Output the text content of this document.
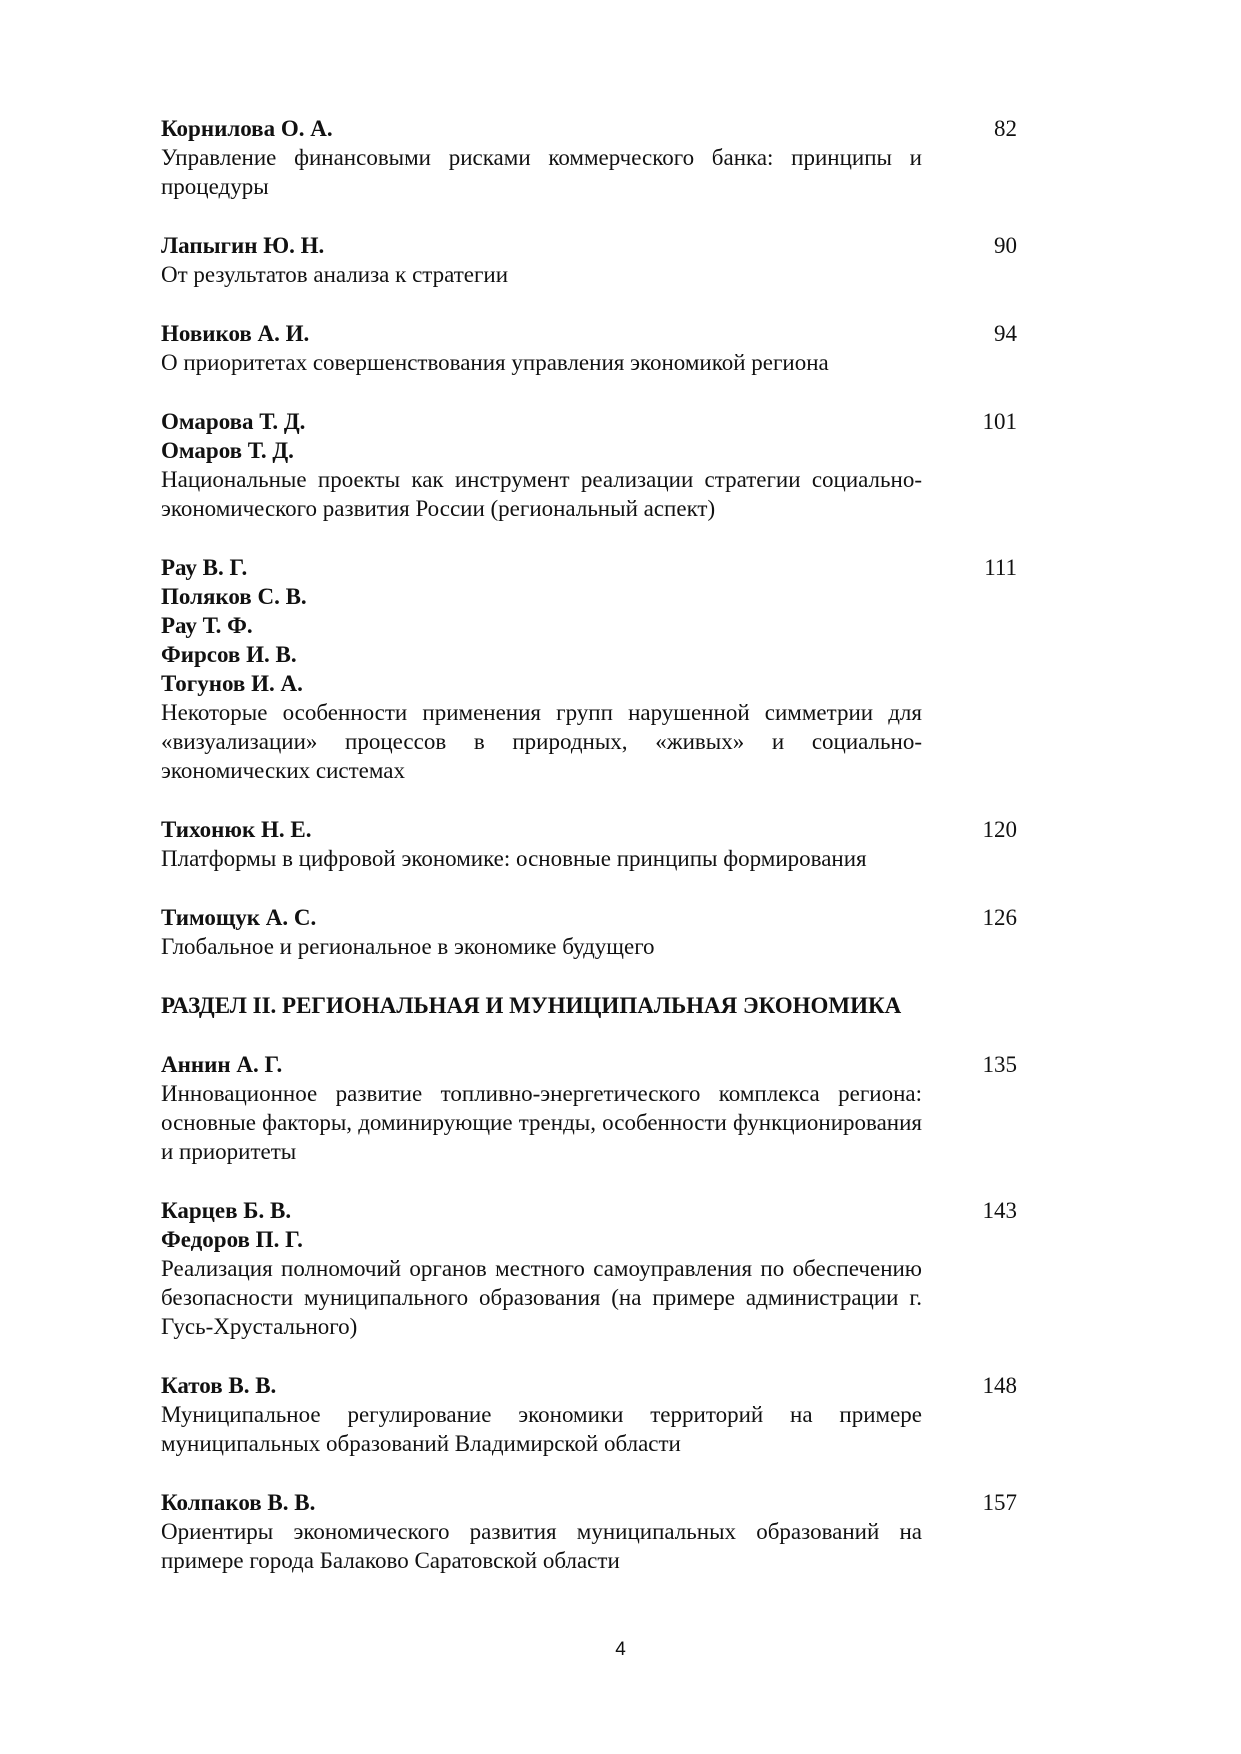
82
Корнилова О. А.
Управление финансовыми рисками коммерческого банка: принципы и процедуры
90
Лапыгин Ю. Н.
От результатов анализа к стратегии
94
Новиков А. И.
О приоритетах совершенствования управления экономикой региона
101
Омарова Т. Д.
Омаров Т. Д.
Национальные проекты как инструмент реализации стратегии социально-экономического развития России (региональный аспект)
111
Рау В. Г.
Поляков С. В.
Рау Т. Ф.
Фирсов И. В.
Тогунов И. А.
Некоторые особенности применения групп нарушенной симметрии для «визуализации» процессов в природных, «живых» и социально-экономических системах
120
Тихонюк Н. Е.
Платформы в цифровой экономике: основные принципы формирования
126
Тимощук А. С.
Глобальное и региональное в экономике будущего
РАЗДЕЛ II. РЕГИОНАЛЬНАЯ И МУНИЦИПАЛЬНАЯ ЭКОНОМИКА
135
Аннин А. Г.
Инновационное развитие топливно-энергетического комплекса региона: основные факторы, доминирующие тренды, особенности функционирования и приоритеты
143
Карцев Б. В.
Федоров П. Г.
Реализация полномочий органов местного самоуправления по обеспечению безопасности муниципального образования (на примере администрации г. Гусь-Хрустального)
148
Катов В. В.
Муниципальное регулирование экономики территорий на примере муниципальных образований Владимирской области
157
Колпаков В. В.
Ориентиры экономического развития муниципальных образований на примере города Балаково Саратовской области
4
